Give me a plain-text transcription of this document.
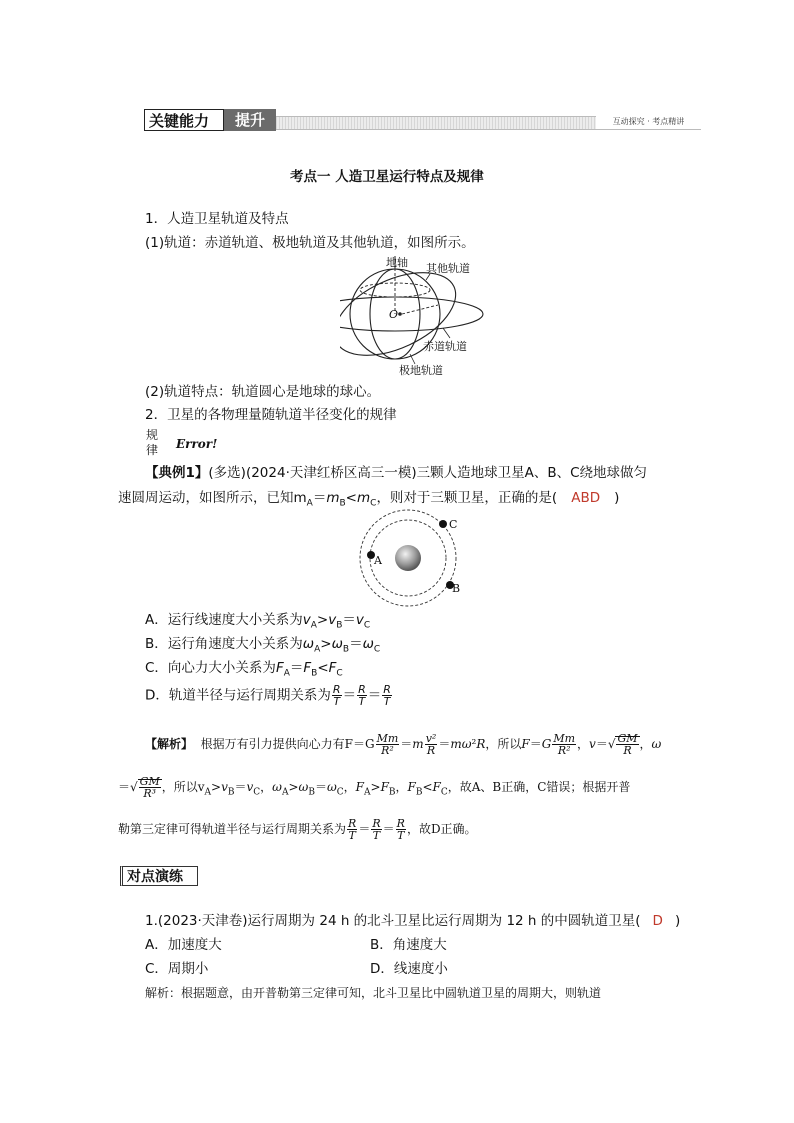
关键能力	提升	互动探究 · 考点精讲
考点一 人造卫星运行特点及规律
1．人造卫星轨道及特点
(1)轨道：赤道轨道、极地轨道及其他轨道，如图所示。
地轴 其他轨道
O
赤道轨道
极地轨道
(2)轨道特点：轨道圆心是地球的球心。
2．卫星的各物理量随轨道半径变化的规律
规
律 Error!
【典例1】(多选)(2024·天津红桥区高三一模)三颗人造地球卫星A、B、C绕地球做匀
速圆周运动，如图所示，已知$m_A=m_B<m_C$，则对于三颗卫星，正确的是( ABD )
A
B
C
A．运行线速度大小关系为$v_A>v_B=v_C$
B．运行角速度大小关系为$\omega_A>\omega_B=\omega_C$
C．向心力大小关系为$F_A=F_B<F_C$
D．轨道半径与运行周期关系为 $\frac{R}{T} = \frac{R}{T} = \frac{R}{T}$
【解析】 根据万有引力提供向心力有$F=G \frac{Mm}{\text{R²}} =m \frac{\text{v²}}{R} =m\omega^2R$，所以$F=G \frac{Mm}{\text{R²}}$ ，$v=√ \frac{GM}{R}$ ，ω
＝√ $\frac{GM}{\text{R³}}$ ，所以$v_A>v_B=v_C$，$\omega_A>\omega_B=\omega_C$，$F_A>F_B$，$F_B<F_C$，故A、B正确，C错误；根据开普
勒第三定律可得轨道半径与运行周期关系为 $\frac{R}{T} = \frac{R}{T} = \frac{R}{T}$ ，故D正确。
对点演练
1.(2023·天津卷)运行周期为 24 h 的北斗卫星比运行周期为 12 h 的中圆轨道卫星( D )
A．加速度大	B．角速度大
C．周期小	D．线速度小
解析：根据题意，由开普勒第三定律可知，北斗卫星比中圆轨道卫星的周期大，则轨道
